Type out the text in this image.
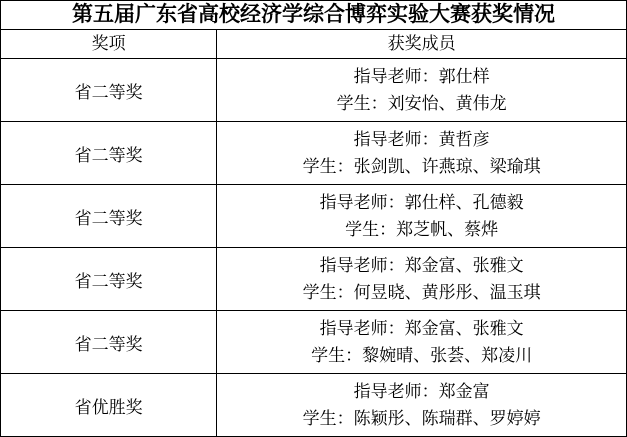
第五届广东省高校经济学综合博弈实验大赛获奖情况	
奖项	获奖成员
省二等奖	指导老师：郭仕样
学生：刘安怡、黄伟龙

省二等奖	指导老师：黄哲彦
学生：张剑凯、许燕琼、梁瑜琪

省二等奖	指导老师：郭仕样、孔德毅
学生：郑芝帆、蔡烨

省二等奖	指导老师：郑金富、张雅文
学生：何昱晓、黄彤彤、温玉琪

省二等奖	指导老师：郑金富、张雅文
学生：黎婉晴、张荟、郑凌川

省优胜奖	指导老师：郑金富
学生：陈颖彤、陈瑞群、罗婷婷
